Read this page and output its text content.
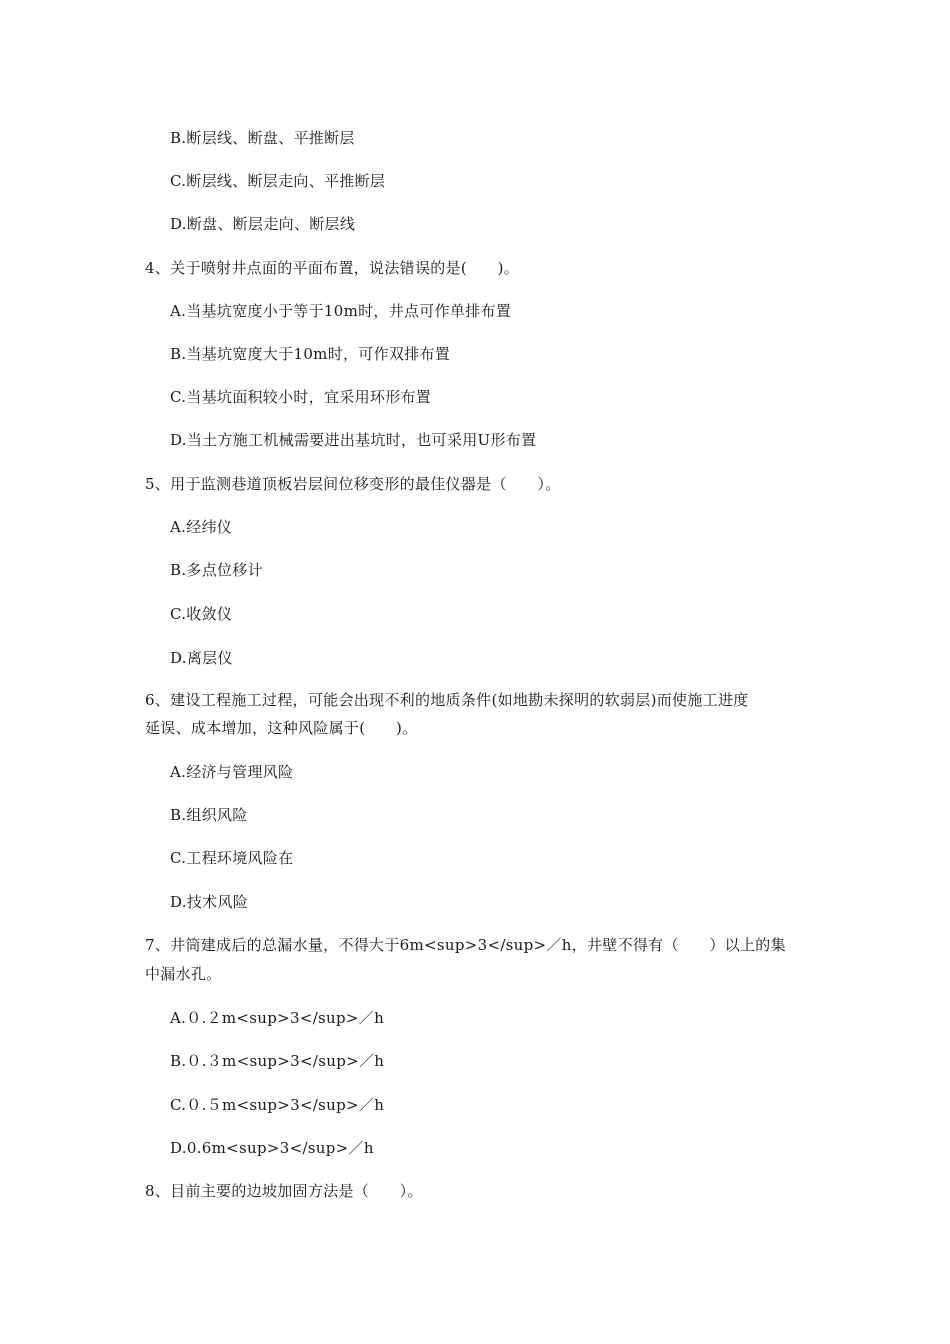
B.断层线、断盘、平推断层
C.断层线、断层走向、平推断层
D.断盘、断层走向、断层线
4、关于喷射井点面的平面布置，说法错误的是(　　)。
A.当基坑宽度小于等于10m时，井点可作单排布置
B.当基坑宽度大于10m时，可作双排布置
C.当基坑面积较小时，宜采用环形布置
D.当土方施工机械需要进出基坑时，也可采用U形布置
5、用于监测巷道顶板岩层间位移变形的最佳仪器是（　　）。
A.经纬仪
B.多点位移计
C.收敛仪
D.离层仪
6、建设工程施工过程，可能会出现不利的地质条件(如地勘未探明的软弱层)而使施工进度
延误、成本增加，这种风险属于(　　)。
A.经济与管理风险
B.组织风险
C.工程环境风险在
D.技术风险
7、井筒建成后的总漏水量，不得大于6m<sup>3</sup>／h，井壁不得有（　　）以上的集
中漏水孔。
A.０.２m<sup>3</sup>／h
B.０.３m<sup>3</sup>／h
C.０.５m<sup>3</sup>／h
D.0.6m<sup>3</sup>／h
8、目前主要的边坡加固方法是（　　）。
